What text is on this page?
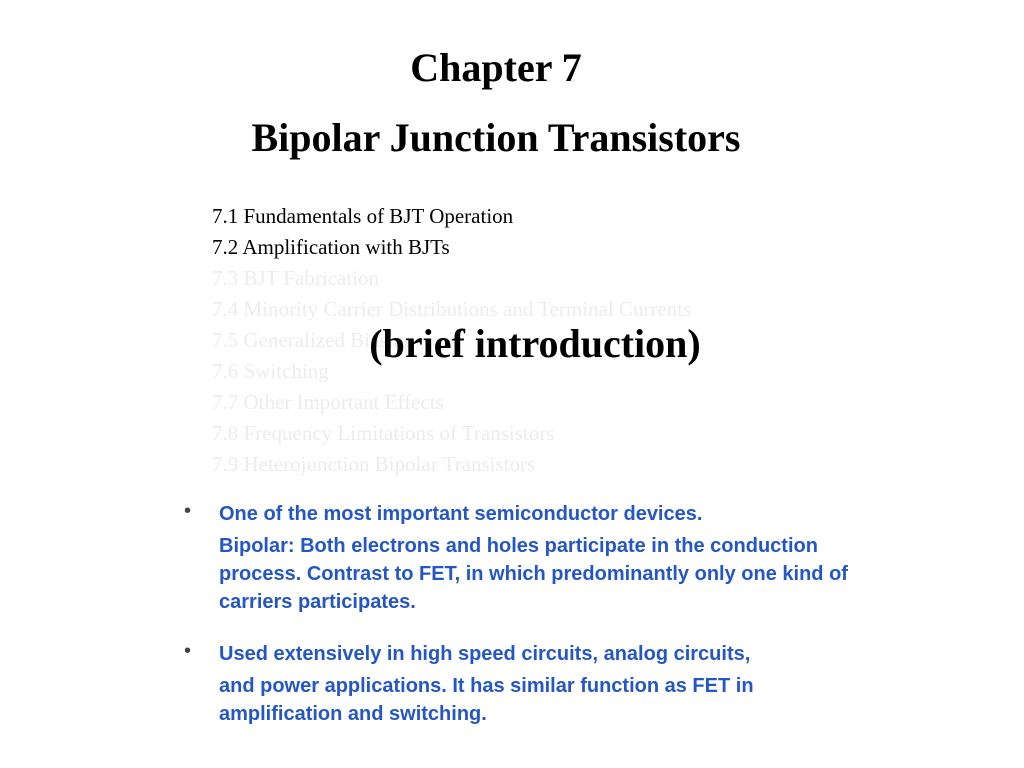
Chapter 7
Bipolar Junction Transistors
7.1 Fundamentals of BJT Operation
7.2 Amplification with BJTs
7.3 BJT Fabrication
7.4 Minority Carrier Distributions and Terminal Currents
7.5 Generalized Biasing
7.6 Switching
7.7 Other Important Effects
7.8 Frequency Limitations of Transistors
7.9 Heterojunction Bipolar Transistors
(brief introduction)
• One of the most important semiconductor devices.

Bipolar: Both electrons and holes participate in the conduction process. Contrast to FET, in which predominantly only one kind of carriers participates.

• Used extensively in high speed circuits, analog circuits,

and power applications. It has similar function as FET in amplification and switching.
